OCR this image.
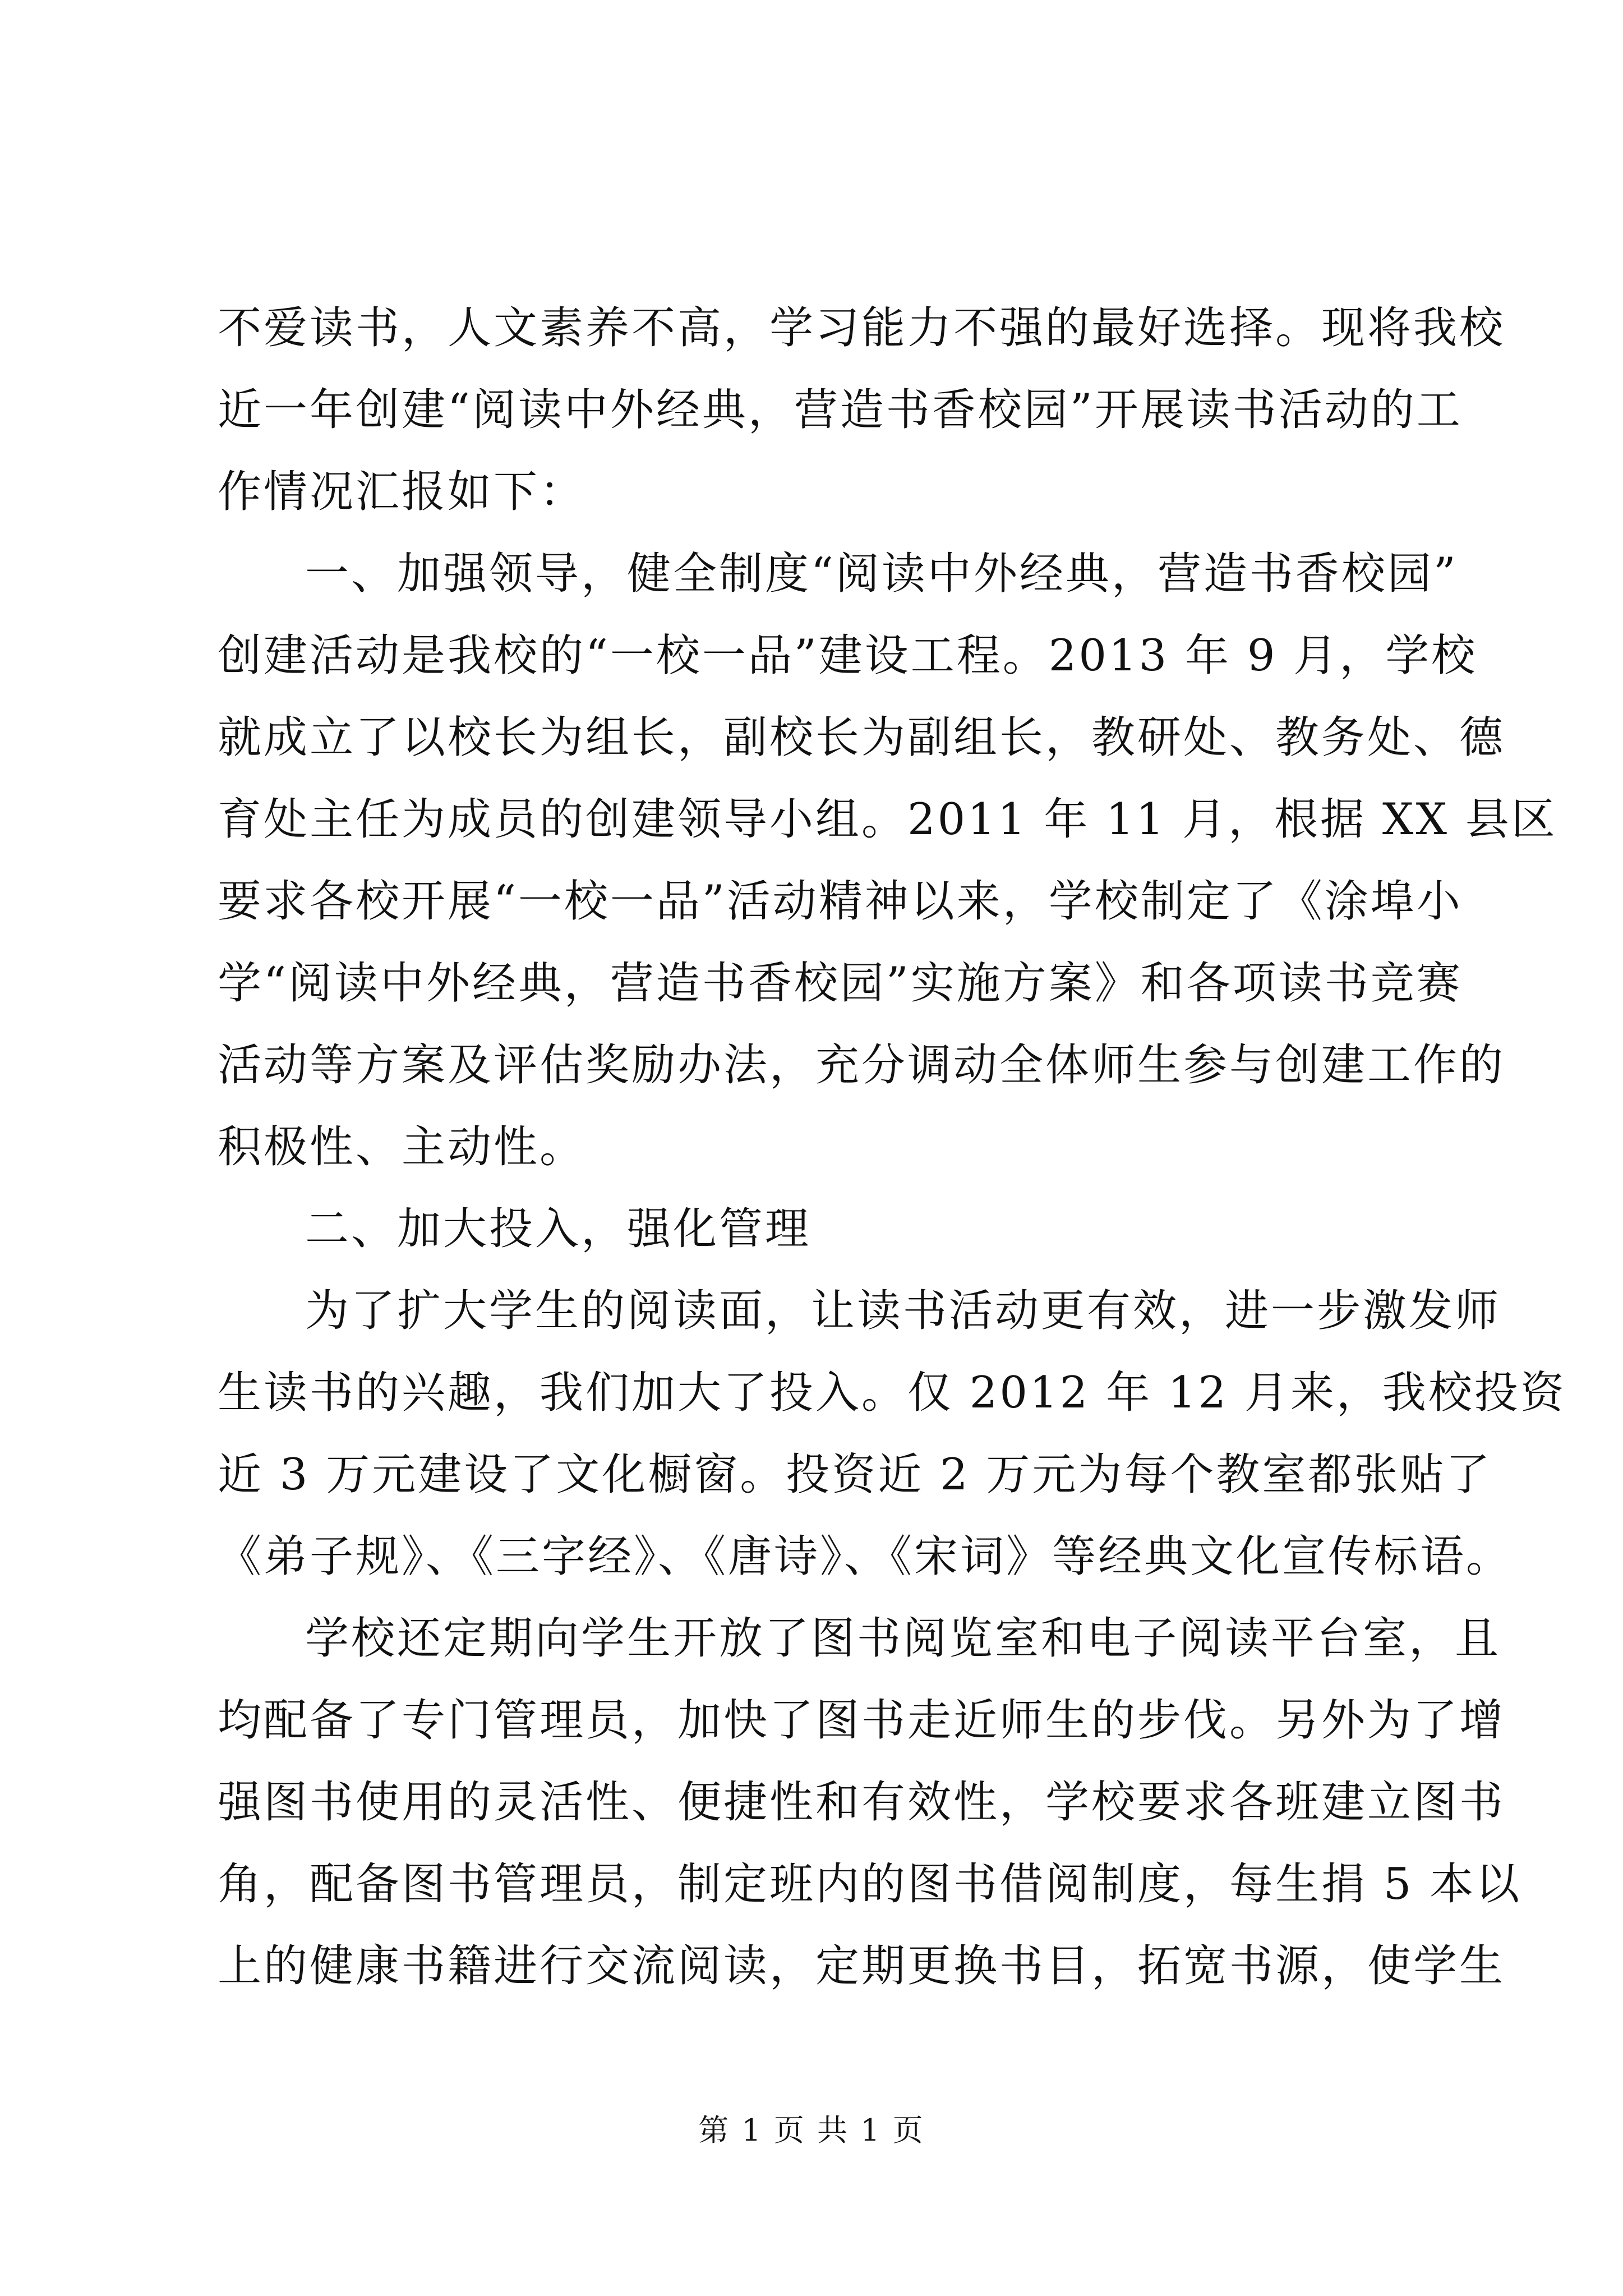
不爱读书，人文素养不高，学习能力不强的最好选择。现将我校
近一年创建“阅读中外经典，营造书香校园”开展读书活动的工
作情况汇报如下：
一、加强领导，健全制度“阅读中外经典，营造书香校园”
创建活动是我校的“一校一品”建设工程。2013 年 9 月，学校
就成立了以校长为组长，副校长为副组长，教研处、教务处、德
育处主任为成员的创建领导小组。2011 年 11 月，根据 XX 县区
要求各校开展“一校一品”活动精神以来，学校制定了《涂埠小
学“阅读中外经典，营造书香校园”实施方案》和各项读书竞赛
活动等方案及评估奖励办法，充分调动全体师生参与创建工作的
积极性、主动性。
二、加大投入，强化管理
为了扩大学生的阅读面，让读书活动更有效，进一步激发师
生读书的兴趣，我们加大了投入。仅 2012 年 12 月来，我校投资
近 3 万元建设了文化橱窗。投资近 2 万元为每个教室都张贴了
《弟子规》、《三字经》、《唐诗》、《宋词》等经典文化宣传标语。
学校还定期向学生开放了图书阅览室和电子阅读平台室，且
均配备了专门管理员，加快了图书走近师生的步伐。另外为了增
强图书使用的灵活性、便捷性和有效性，学校要求各班建立图书
角，配备图书管理员，制定班内的图书借阅制度，每生捐 5 本以
上的健康书籍进行交流阅读，定期更换书目，拓宽书源，使学生
第 1 页 共 1 页
